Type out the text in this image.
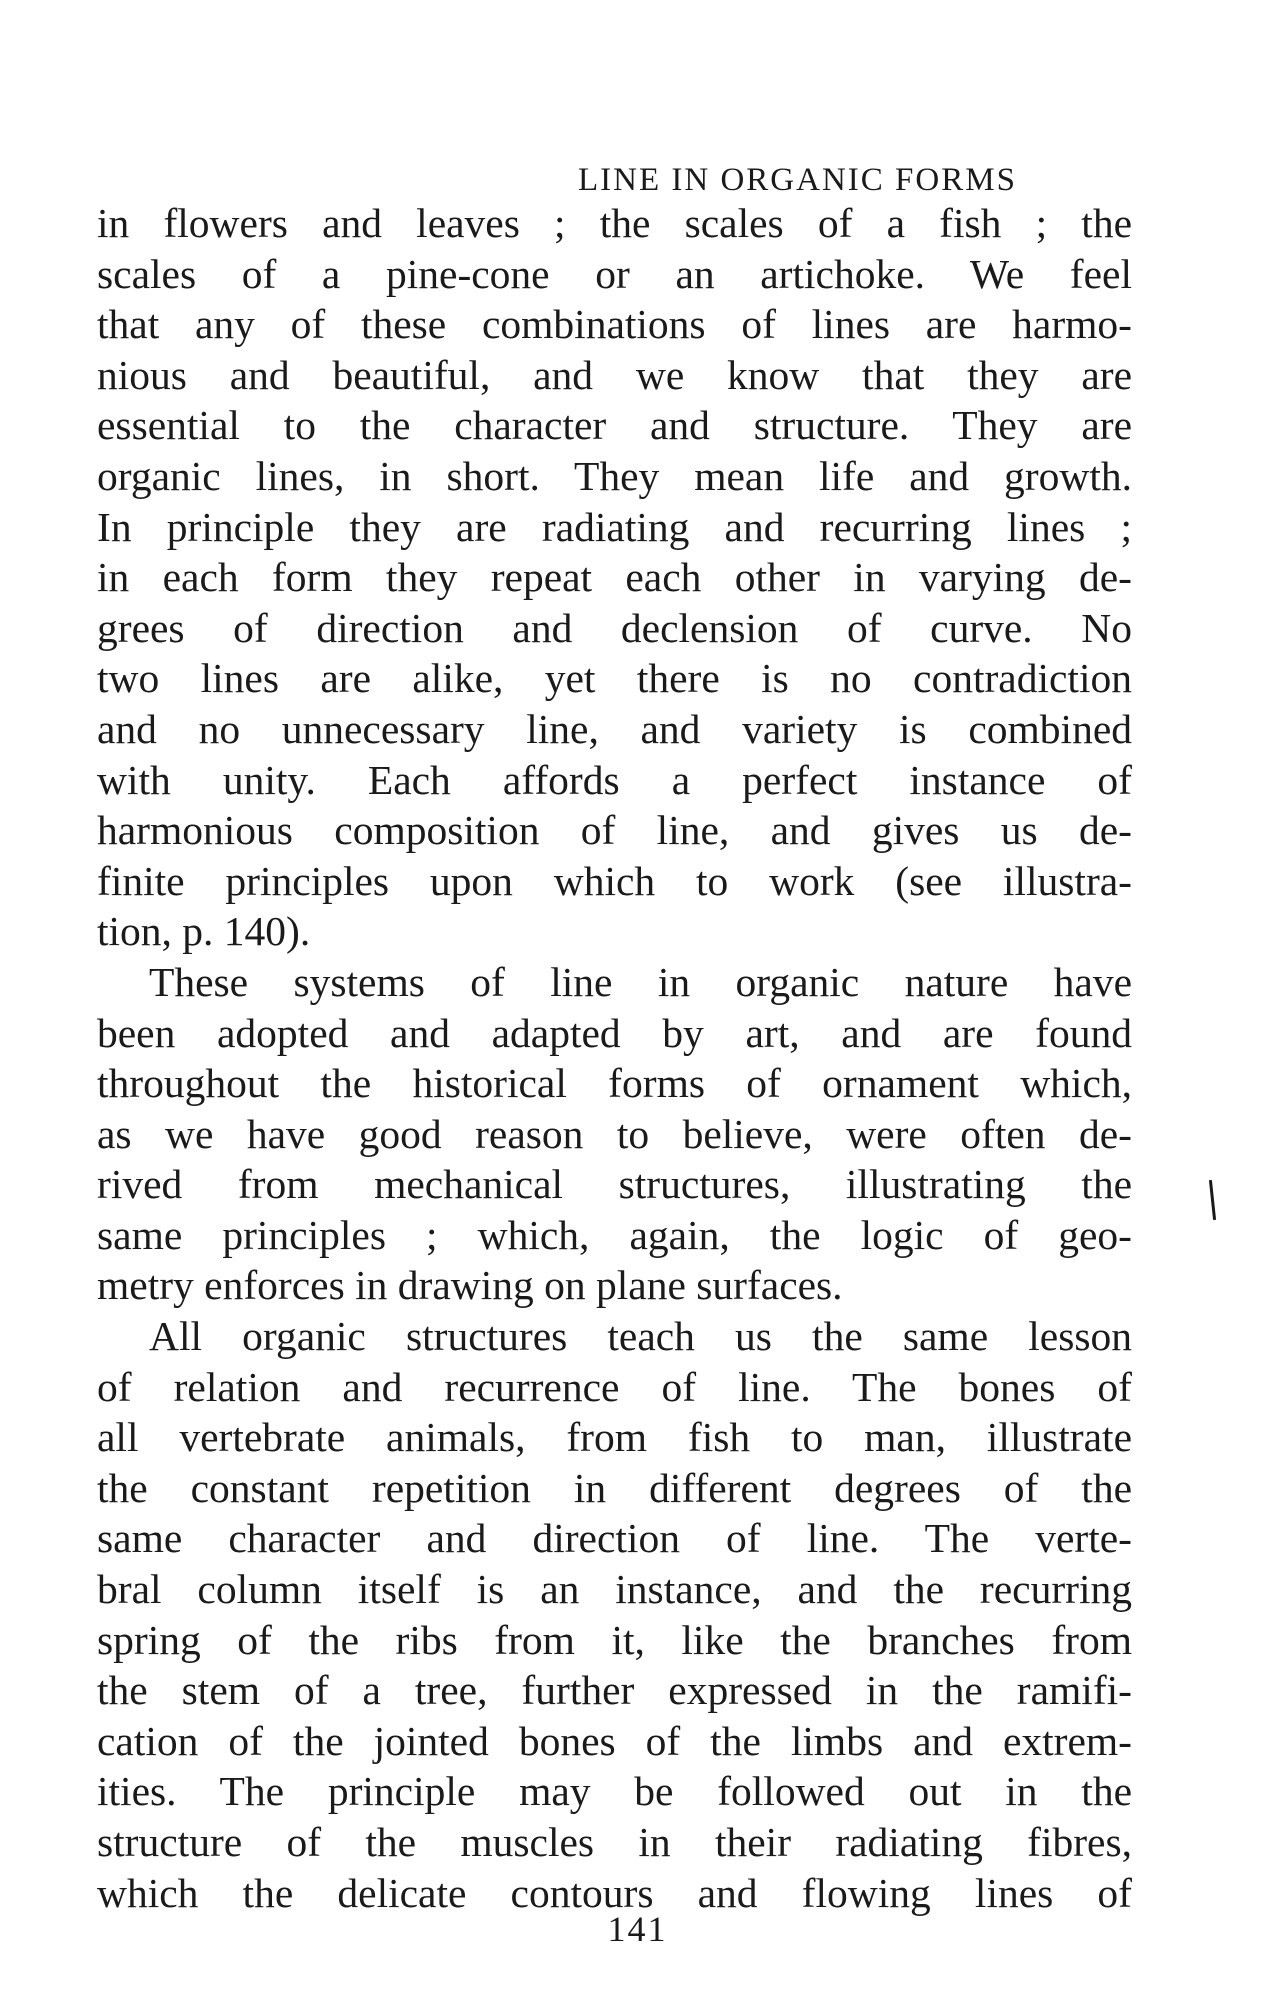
LINE IN ORGANIC FORMS
in flowers and leaves ; the scales of a fish ; the
scales of a pine-cone or an artichoke. We feel
that any of these combinations of lines are harmo-
nious and beautiful, and we know that they are
essential to the character and structure. They are
organic lines, in short. They mean life and growth.
In principle they are radiating and recurring lines ;
in each form they repeat each other in varying de-
grees of direction and declension of curve. No
two lines are alike, yet there is no contradiction
and no unnecessary line, and variety is combined
with unity. Each affords a perfect instance of
harmonious composition of line, and gives us de-
finite principles upon which to work (see illustra-
tion, p. 140).
These systems of line in organic nature have
been adopted and adapted by art, and are found
throughout the historical forms of ornament which,
as we have good reason to believe, were often de-
rived from mechanical structures, illustrating the
same principles ; which, again, the logic of geo-
metry enforces in drawing on plane surfaces.
All organic structures teach us the same lesson
of relation and recurrence of line. The bones of
all vertebrate animals, from fish to man, illustrate
the constant repetition in different degrees of the
same character and direction of line. The verte-
bral column itself is an instance, and the recurring
spring of the ribs from it, like the branches from
the stem of a tree, further expressed in the ramifi-
cation of the jointed bones of the limbs and extrem-
ities. The principle may be followed out in the
structure of the muscles in their radiating fibres,
which the delicate contours and flowing lines of
141
